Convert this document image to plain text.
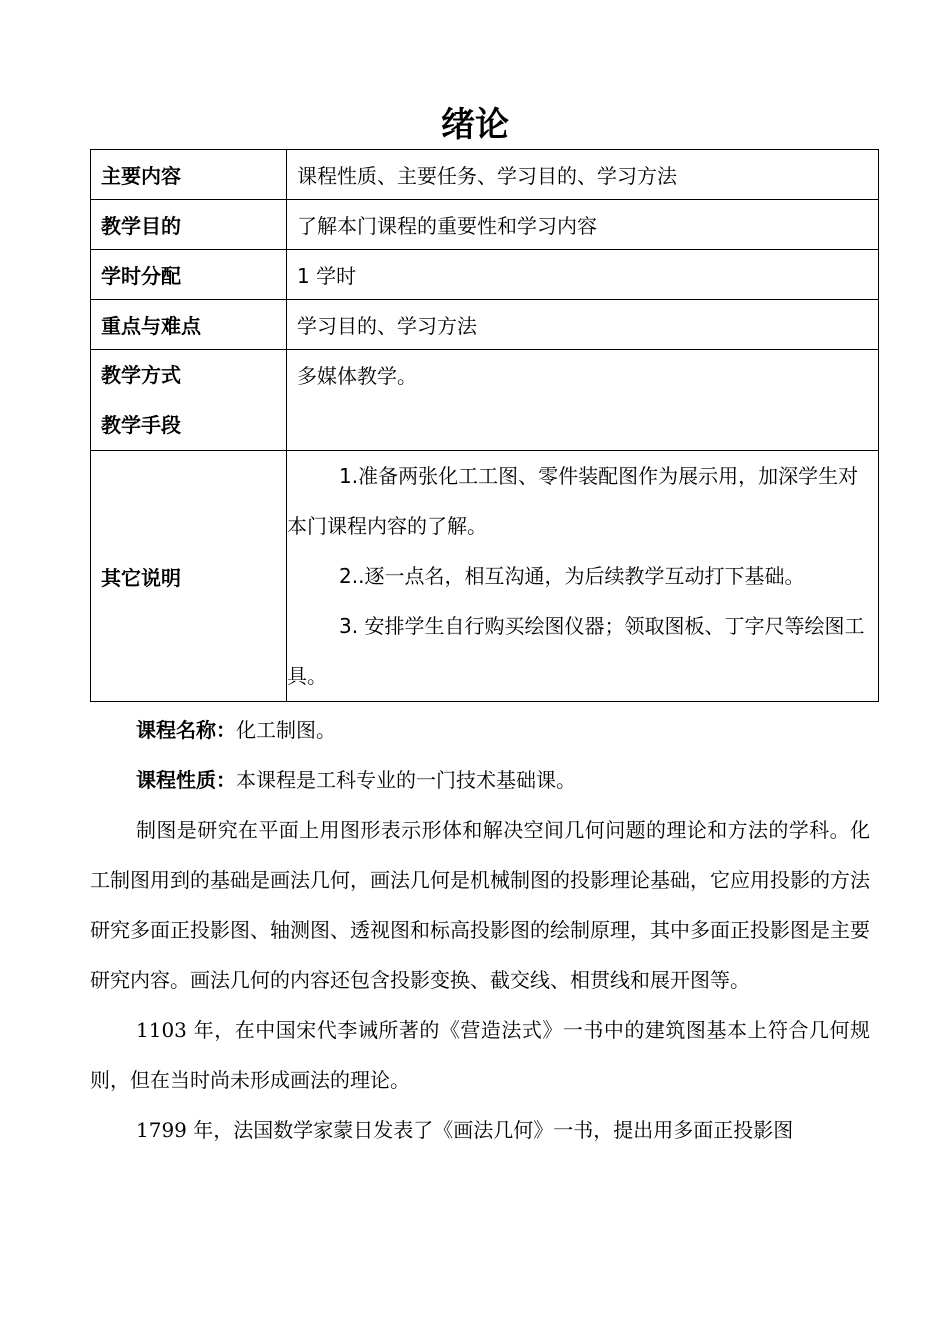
绪论
主要内容	课程性质、主要任务、学习目的、学习方法
教学目的	了解本门课程的重要性和学习内容
学时分配	1 学时
重点与难点	学习目的、学习方法

教学方式
教学手段	多媒体教学。
其它说明	1.准备两张化工工图、零件装配图作为展示用，加深学生对本门课程内容的了解。

2..逐一点名，相互沟通，为后续教学互动打下基础。

3. 安排学生自行购买绘图仪器；领取图板、丁字尺等绘图工具。

课程名称：化工制图。

课程性质：本课程是工科专业的一门技术基础课。

制图是研究在平面上用图形表示形体和解决空间几何问题的理论和方法的学科。化工制图用到的基础是画法几何，画法几何是机械制图的投影理论基础，它应用投影的方法研究多面正投影图、轴测图、透视图和标高投影图的绘制原理，其中多面正投影图是主要研究内容。画法几何的内容还包含投影变换、截交线、相贯线和展开图等。

1103 年，在中国宋代李诫所著的《营造法式》一书中的建筑图基本上符合几何规则，但在当时尚未形成画法的理论。

1799 年，法国数学家蒙日发表了《画法几何》一书，提出用多面正投影图
